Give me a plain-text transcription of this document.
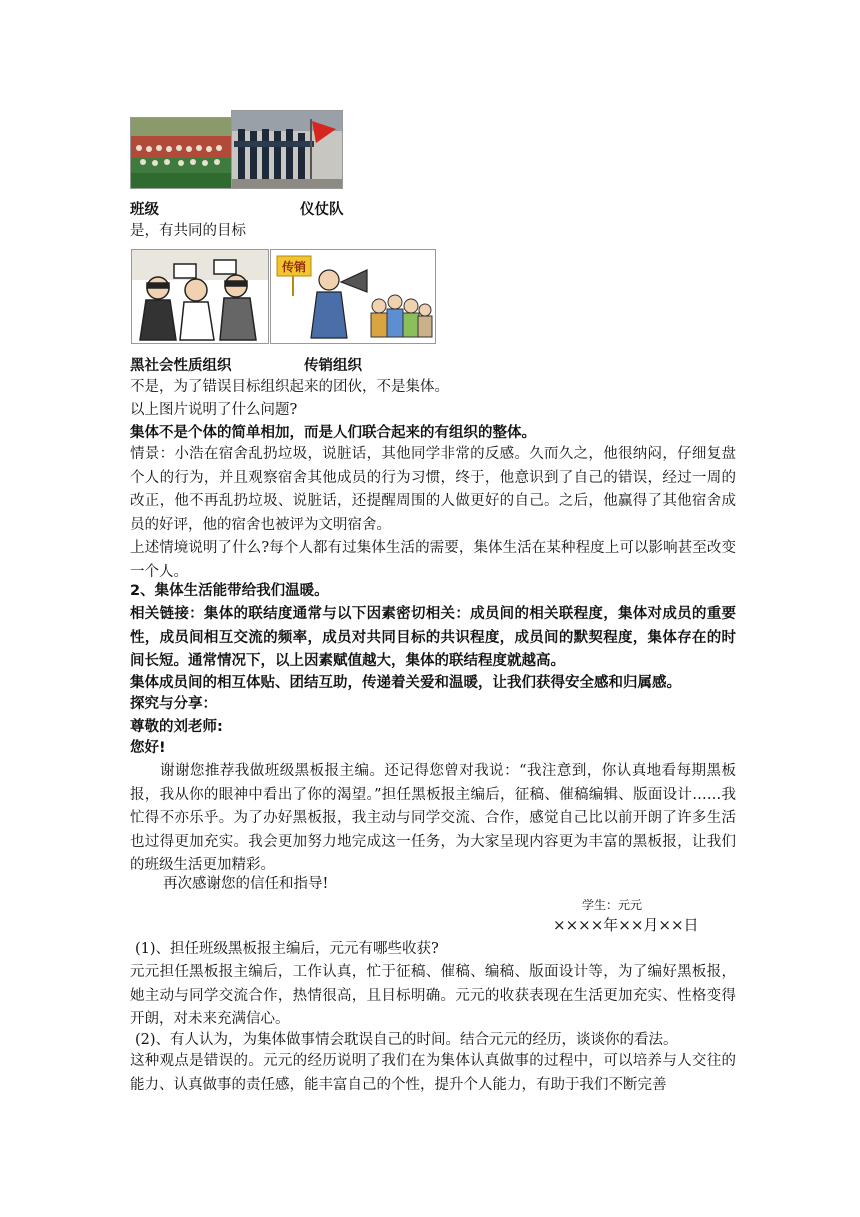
班级	仪仗队
是，有共同的目标
传销
黑社会性质组织	传销组织
不是，为了错误目标组织起来的团伙，不是集体。
以上图片说明了什么问题?
集体不是个体的简单相加，而是人们联合起来的有组织的整体。
情景：小浩在宿舍乱扔垃圾，说脏话，其他同学非常的反感。久而久之，他很纳闷，仔细复盘个人的行为，并且观察宿舍其他成员的行为习惯，终于，他意识到了自己的错误，经过一周的改正，他不再乱扔垃圾、说脏话，还提醒周围的人做更好的自己。之后，他赢得了其他宿舍成员的好评，他的宿舍也被评为文明宿舍。
上述情境说明了什么?每个人都有过集体生活的需要，集体生活在某种程度上可以影响甚至改变一个人。
2、集体生活能带给我们温暖。
相关链接：集体的联结度通常与以下因素密切相关：成员间的相关联程度，集体对成员的重要性，成员间相互交流的频率，成员对共同目标的共识程度，成员间的默契程度，集体存在的时间长短。通常情况下，以上因素赋值越大，集体的联结程度就越高。
集体成员间的相互体贴、团结互助，传递着关爱和温暖，让我们获得安全感和归属感。
探究与分享：
尊敬的刘老师:
您好!
谢谢您推荐我做班级黑板报主编。还记得您曾对我说：“我注意到，你认真地看每期黑板报，我从你的眼神中看出了你的渴望。”担任黑板报主编后，征稿、催稿编辑、版面设计……我忙得不亦乐乎。为了办好黑板报，我主动与同学交流、合作，感觉自己比以前开朗了许多生活也过得更加充实。我会更加努力地完成这一任务，为大家呈现内容更为丰富的黑板报，让我们的班级生活更加精彩。
再次感谢您的信任和指导!
学生：元元
××××年××月××日
(1)、担任班级黑板报主编后，元元有哪些收获?
元元担任黑板报主编后，工作认真，忙于征稿、催稿、编稿、版面设计等，为了编好黑板报，她主动与同学交流合作，热情很高，且目标明确。元元的收获表现在生活更加充实、性格变得开朗，对未来充满信心。
(2)、有人认为，为集体做事情会耽误自己的时间。结合元元的经历，谈谈你的看法。
这种观点是错误的。元元的经历说明了我们在为集体认真做事的过程中，可以培养与人交往的能力、认真做事的责任感，能丰富自己的个性，提升个人能力，有助于我们不断完善
